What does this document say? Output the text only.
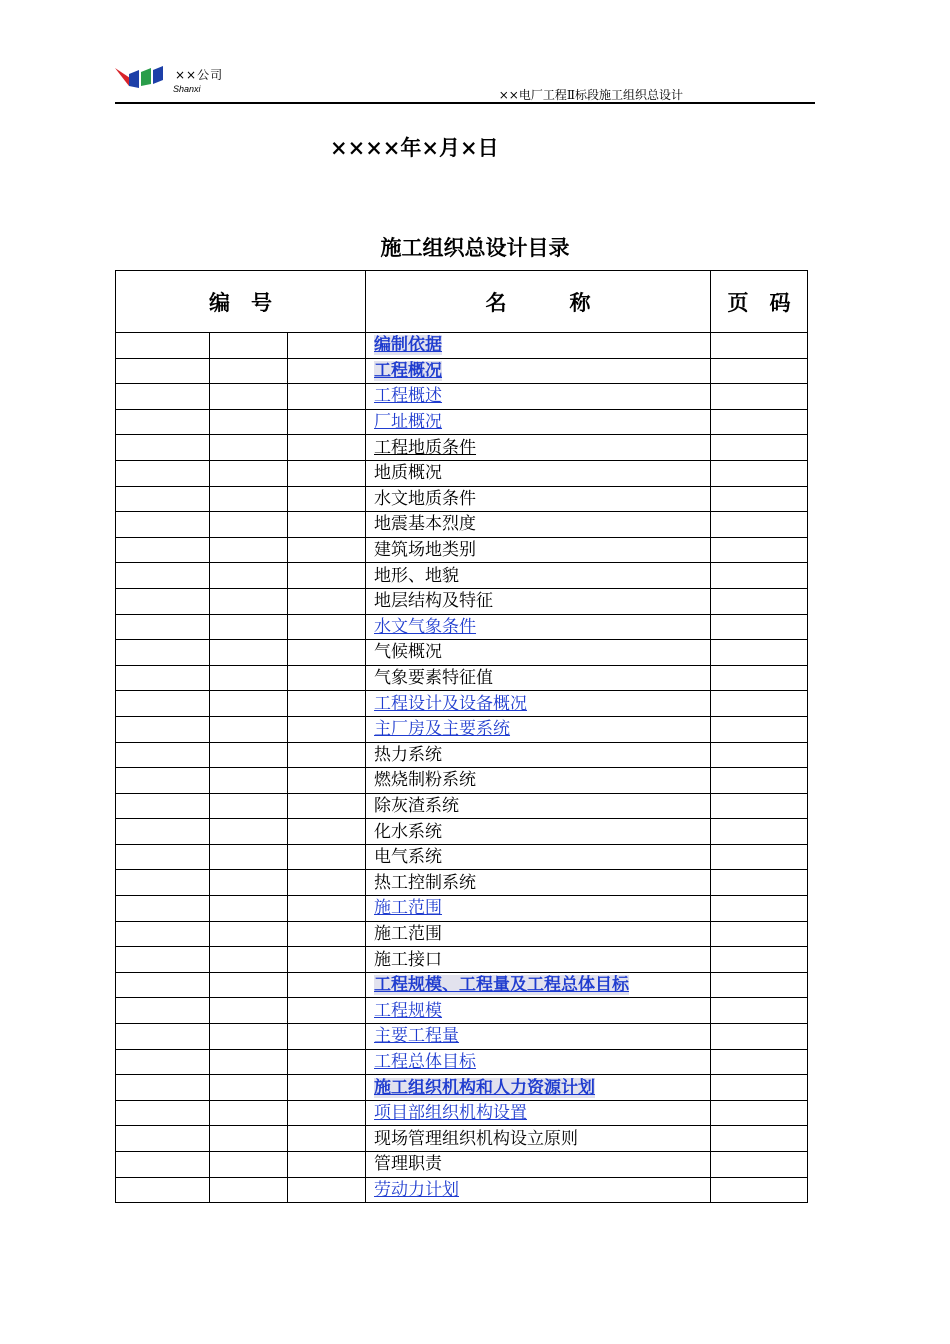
××公司
Shanxi	××电厂工程Ⅱ标段施工组织总设计
××××年×月×日
施工组织总设计目录
编　号			名　　　称	页　码
			编制依据	
			工程概况	
			工程概述	
			厂址概况	
			工程地质条件	
			地质概况	
			水文地质条件	
			地震基本烈度	
			建筑场地类别	
			地形、地貌	
			地层结构及特征	
			水文气象条件	
			气候概况	
			气象要素特征值	
			工程设计及设备概况	
			主厂房及主要系统	
			热力系统	
			燃烧制粉系统	
			除灰渣系统	
			化水系统	
			电气系统	
			热工控制系统	
			施工范围	
			施工范围	
			施工接口	
			工程规模、工程量及工程总体目标	
			工程规模	
			主要工程量	
			工程总体目标	
			施工组织机构和人力资源计划	
			项目部组织机构设置	
			现场管理组织机构设立原则	
			管理职责	
			劳动力计划	
